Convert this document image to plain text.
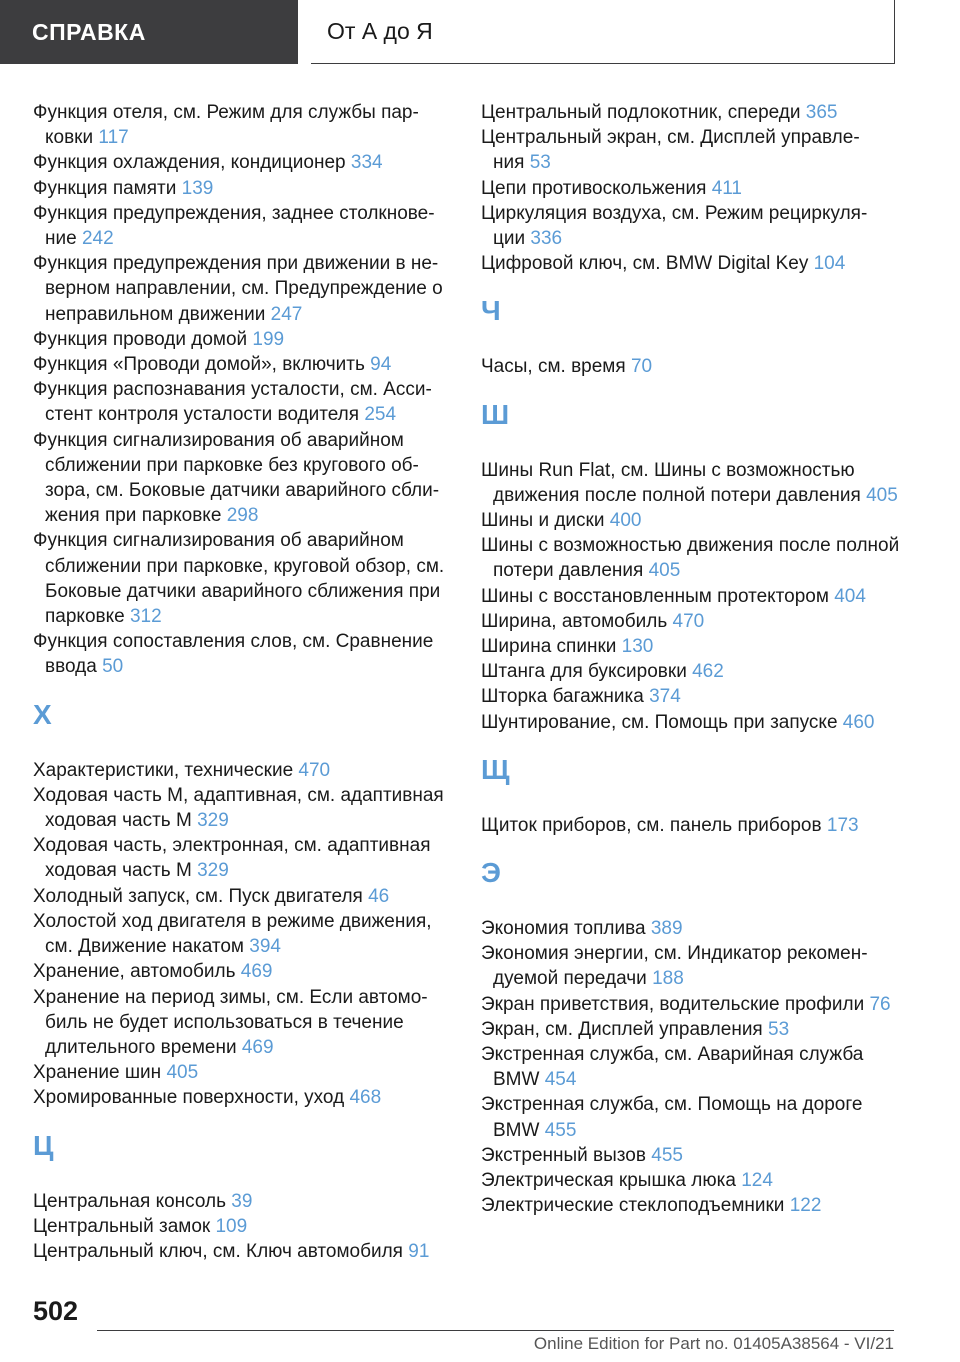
СПРАВКА	От А до Я
Функция отеля, см. Режим для службы парковки 117
Функция охлаждения, кондиционер 334
Функция памяти 139
Функция предупреждения, заднее столкновение 242
Функция предупреждения при движении в неверном направлении, см. Предупреждение о неправильном движении 247
Функция проводи домой 199
Функция «Проводи домой», включить 94
Функция распознавания усталости, см. Ассистент контроля усталости водителя 254
Функция сигнализирования об аварийном сближении при парковке без кругового обзора, см. Боковые датчики аварийного сближения при парковке 298
Функция сигнализирования об аварийном сближении при парковке, круговой обзор, см. Боковые датчики аварийного сближения при парковке 312
Функция сопоставления слов, см. Сравнение ввода 50
Х
Характеристики, технические 470
Ходовая часть M, адаптивная, см. адаптивная ходовая часть M 329
Ходовая часть, электронная, см. адаптивная ходовая часть M 329
Холодный запуск, см. Пуск двигателя 46
Холостой ход двигателя в режиме движения, см. Движение накатом 394
Хранение, автомобиль 469
Хранение на период зимы, см. Если автомобиль не будет использоваться в течение длительного времени 469
Хранение шин 405
Хромированные поверхности, уход 468
Ц
Центральная консоль 39
Центральный замок 109
Центральный ключ, см. Ключ автомобиля 91
Центральный подлокотник, спереди 365
Центральный экран, см. Дисплей управления 53
Цепи противоскольжения 411
Циркуляция воздуха, см. Режим рециркуляции 336
Цифровой ключ, см. BMW Digital Key 104
Ч
Часы, см. время 70
Ш
Шины Run Flat, см. Шины с возможностью движения после полной потери давления 405
Шины и диски 400
Шины с возможностью движения после полной потери давления 405
Шины с восстановленным протектором 404
Ширина, автомобиль 470
Ширина спинки 130
Штанга для буксировки 462
Шторка багажника 374
Шунтирование, см. Помощь при запуске 460
Щ
Щиток приборов, см. панель приборов 173
Э
Экономия топлива 389
Экономия энергии, см. Индикатор рекомендуемой передачи 188
Экран приветствия, водительские профили 76
Экран, см. Дисплей управления 53
Экстренная служба, см. Аварийная служба BMW 454
Экстренная служба, см. Помощь на дороге BMW 455
Экстренный вызов 455
Электрическая крышка люка 124
Электрические стеклоподъемники 122
502
Online Edition for Part no. 01405A38564 - VI/21
